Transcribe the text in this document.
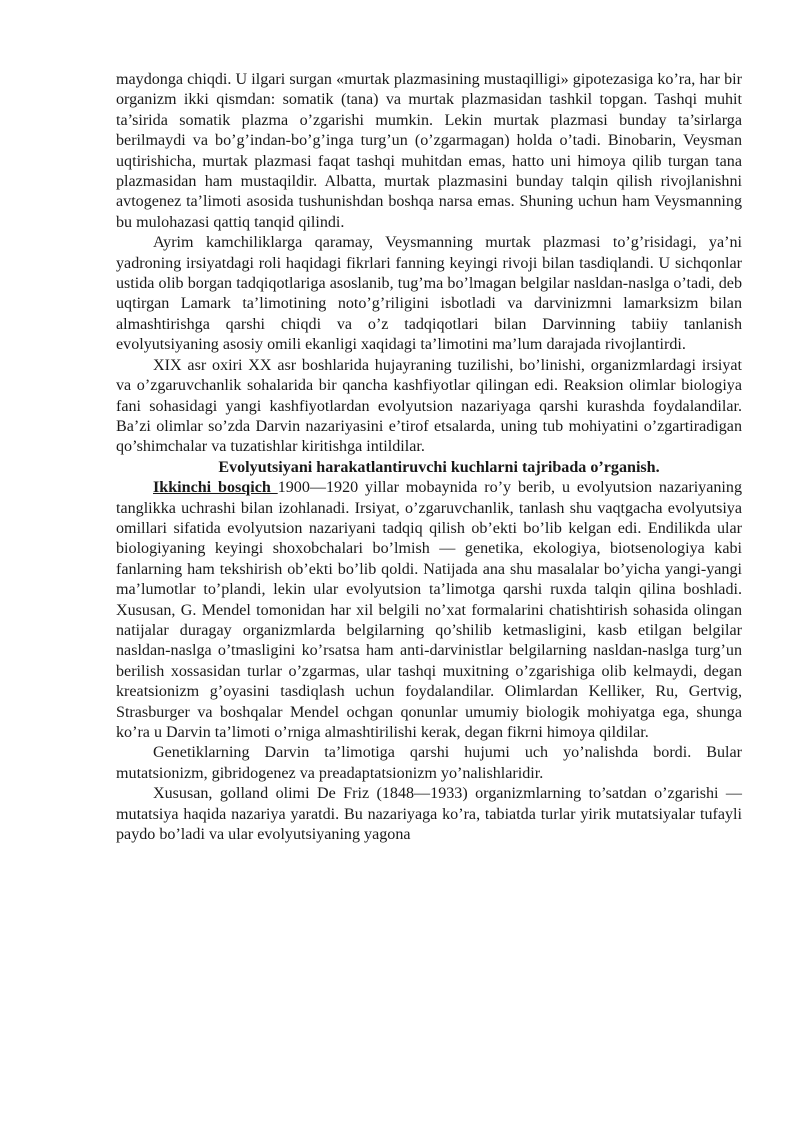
maydonga chiqdi. U ilgari surgan «murtak plazmasining mustaqilligi» gipotezasiga ko’ra, har bir organizm ikki qismdan: somatik (tana) va murtak plazmasidan tashkil topgan. Tashqi muhit ta’sirida somatik plazma o’zgarishi mumkin. Lekin murtak plazmasi bunday ta’sirlarga berilmaydi va bo’g’indan-bo’g’inga turg’un (o’zgarmagan) holda o’tadi. Binobarin, Veysman uqtirishicha, murtak plazmasi faqat tashqi muhitdan emas, hatto uni himoya qilib turgan tana plazmasidan ham mustaqildir. Albatta, murtak plazmasini bunday talqin qilish rivojlanishni avtogenez ta’limoti asosida tushunishdan boshqa narsa emas. Shuning uchun ham Veysmanning bu mulohazasi qattiq tanqid qilindi.

Ayrim kamchiliklarga qaramay, Veysmanning murtak plazmasi to’g’risidagi, ya’ni yadroning irsiyatdagi roli haqidagi fikrlari fanning keyingi rivoji bilan tasdiqlandi. U sichqonlar ustida olib borgan tadqiqotlariga asoslanib, tug’ma bo’lmagan belgilar nasldan-naslga o’tadi, deb uqtirgan Lamark ta’limotining noto’g’riligini isbotladi va darvinizmni lamarksizm bilan almashtirishga qarshi chiqdi va o’z tadqiqotlari bilan Darvinning tabiiy tanlanish evolyutsiyaning asosiy omili ekanligi xaqidagi ta’limotini ma’lum darajada rivojlantirdi.

XIX asr oxiri XX asr boshlarida hujayraning tuzilishi, bo’linishi, organizmlardagi irsiyat va o’zgaruvchanlik sohalarida bir qancha kashfiyotlar qilingan edi. Reaksion olimlar biologiya fani sohasidagi yangi kashfiyotlardan evolyutsion nazariyaga qarshi kurashda foydalandilar. Ba’zi olimlar so’zda Darvin nazariyasini e’tirof etsalarda, uning tub mohiyatini o’zgartiradigan qo’shimchalar va tuzatishlar kiritishga intildilar.

Evolyutsiyani harakatlantiruvchi kuchlarni tajribada o’rganish.

Ikkinchi bosqich 1900—1920 yillar mobaynida ro’y berib, u evolyutsion nazariyaning tanglikka uchrashi bilan izohlanadi. Irsiyat, o’zgaruvchanlik, tanlash shu vaqtgacha evolyutsiya omillari sifatida evolyutsion nazariyani tadqiq qilish ob’ekti bo’lib kelgan edi. Endilikda ular biologiyaning keyingi shoxobchalari bo’lmish — genetika, ekologiya, biotsenologiya kabi fanlarning ham tekshirish ob’ekti bo’lib qoldi. Natijada ana shu masalalar bo’yicha yangi-yangi ma’lumotlar to’plandi, lekin ular evolyutsion ta’limotga qarshi ruxda talqin qilina boshladi. Xususan, G. Mendel tomonidan har xil belgili no’xat formalarini chatishtirish sohasida olingan natijalar duragay organizmlarda belgilarning qo’shilib ketmasligini, kasb etilgan belgilar nasldan-naslga o’tmasligini ko’rsatsa ham anti-darvinistlar belgilarning nasldan-naslga turg’un berilish xossasidan turlar o’zgarmas, ular tashqi muxitning o’zgarishiga olib kelmaydi, degan kreatsionizm g’oyasini tasdiqlash uchun foydalandilar. Olimlardan Kelliker, Ru, Gertvig, Strasburger va boshqalar Mendel ochgan qonunlar umumiy biologik mohiyatga ega, shunga ko’ra u Darvin ta’limoti o’rniga almashtirilishi kerak, degan fikrni himoya qildilar.

Genetiklarning Darvin ta’limotiga qarshi hujumi uch yo’nalishda bordi. Bular mutatsionizm, gibridogenez va preadaptatsionizm yo’nalishlaridir.

Xususan, golland olimi De Friz (1848—1933) organizmlarning to’satdan o’zgarishi — mutatsiya haqida nazariya yaratdi. Bu nazariyaga ko’ra, tabiatda turlar yirik mutatsiyalar tufayli paydo bo’ladi va ular evolyutsiyaning yagona
